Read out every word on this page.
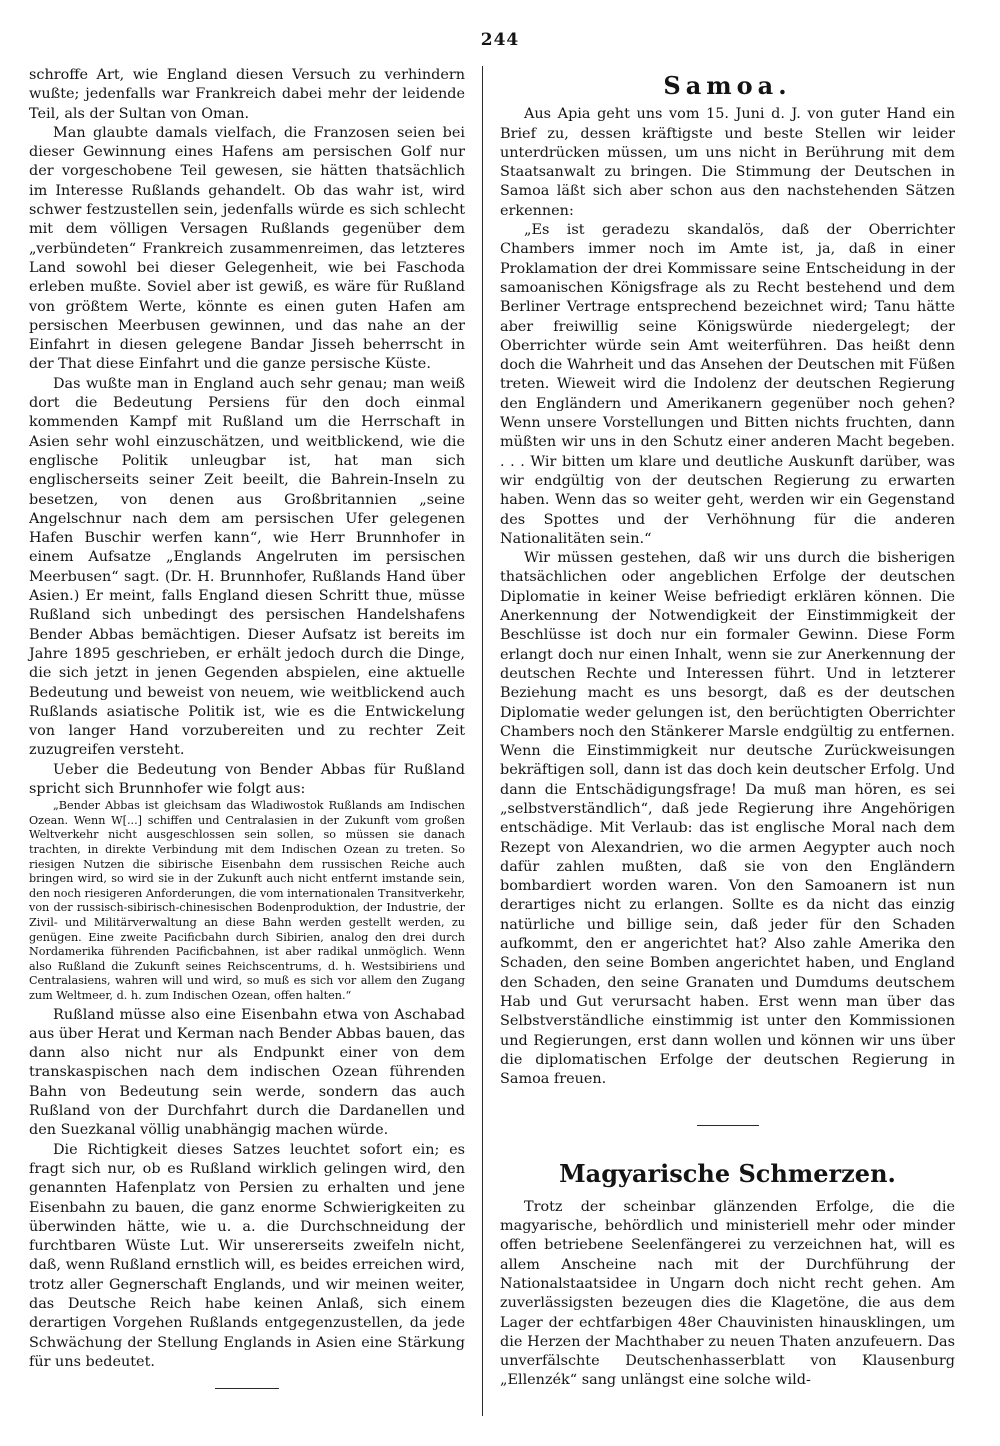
244

schroffe Art, wie England diesen Versuch zu verhindern wußte; jedenfalls war Frankreich dabei mehr der leidende Teil, als der Sultan von Oman.

Man glaubte damals vielfach, die Franzosen seien bei dieser Gewinnung eines Hafens am persischen Golf nur der vorgeschobene Teil gewesen, sie hätten thatsächlich im Interesse Rußlands gehandelt. Ob das wahr ist, wird schwer festzustellen sein, jedenfalls würde es sich schlecht mit dem völligen Versagen Rußlands gegenüber dem „verbündeten“ Frankreich zusammenreimen, das letzteres Land sowohl bei dieser Gelegenheit, wie bei Faschoda erleben mußte. Soviel aber ist gewiß, es wäre für Rußland von größtem Werte, könnte es einen guten Hafen am persischen Meerbusen gewinnen, und das nahe an der Einfahrt in diesen gelegene Bandar Jisseh beherrscht in der That diese Einfahrt und die ganze persische Küste.

Das wußte man in England auch sehr genau; man weiß dort die Bedeutung Persiens für den doch einmal kommenden Kampf mit Rußland um die Herrschaft in Asien sehr wohl einzuschätzen, und weitblickend, wie die englische Politik unleugbar ist, hat man sich englischerseits seiner Zeit beeilt, die Bahrein-Inseln zu besetzen, von denen aus Großbritannien „seine Angelschnur nach dem am persischen Ufer gelegenen Hafen Buschir werfen kann“, wie Herr Brunnhofer in einem Aufsatze „Englands Angelruten im persischen Meerbusen“ sagt. (Dr. H. Brunnhofer, Rußlands Hand über Asien.) Er meint, falls England diesen Schritt thue, müsse Rußland sich unbedingt des persischen Handelshafens Bender Abbas bemächtigen. Dieser Aufsatz ist bereits im Jahre 1895 geschrieben, er erhält jedoch durch die Dinge, die sich jetzt in jenen Gegenden abspielen, eine aktuelle Bedeutung und beweist von neuem, wie weitblickend auch Rußlands asiatische Politik ist, wie es die Entwickelung von langer Hand vorzubereiten und zu rechter Zeit zuzugreifen versteht.

Ueber die Bedeutung von Bender Abbas für Rußland spricht sich Brunnhofer wie folgt aus:

„Bender Abbas ist gleichsam das Wladiwostok Rußlands am Indischen Ozean. Wenn W[...] schiffen und Centralasien in der Zukunft vom großen Weltverkehr nicht ausgeschlossen sein sollen, so müssen sie danach trachten, in direkte Verbindung mit dem Indischen Ozean zu treten. So riesigen Nutzen die sibirische Eisenbahn dem russischen Reiche auch bringen wird, so wird sie in der Zukunft auch nicht entfernt imstande sein, den noch riesigeren Anforderungen, die vom internationalen Transitverkehr, von der russisch-sibirisch-chinesischen Bodenproduktion, der Industrie, der Zivil- und Militärverwaltung an diese Bahn werden gestellt werden, zu genügen. Eine zweite Pacificbahn durch Sibirien, analog den drei durch Nordamerika führenden Pacificbahnen, ist aber radikal unmöglich. Wenn also Rußland die Zukunft seines Reichscentrums, d. h. Westsibiriens und Centralasiens, wahren will und wird, so muß es sich vor allem den Zugang zum Weltmeer, d. h. zum Indischen Ozean, offen halten.“

Rußland müsse also eine Eisenbahn etwa von Aschabad aus über Herat und Kerman nach Bender Abbas bauen, das dann also nicht nur als Endpunkt einer von dem transkaspischen nach dem indischen Ozean führenden Bahn von Bedeutung sein werde, sondern das auch Rußland von der Durchfahrt durch die Dardanellen und den Suezkanal völlig unabhängig machen würde.

Die Richtigkeit dieses Satzes leuchtet sofort ein; es fragt sich nur, ob es Rußland wirklich gelingen wird, den genannten Hafenplatz von Persien zu erhalten und jene Eisenbahn zu bauen, die ganz enorme Schwierigkeiten zu überwinden hätte, wie u. a. die Durchschneidung der furchtbaren Wüste Lut. Wir unsererseits zweifeln nicht, daß, wenn Rußland ernstlich will, es beides erreichen wird, trotz aller Gegnerschaft Englands, und wir meinen weiter, das Deutsche Reich habe keinen Anlaß, sich einem derartigen Vorgehen Rußlands entgegenzustellen, da jede Schwächung der Stellung Englands in Asien eine Stärkung für uns bedeutet.

Samoa.

Aus Apia geht uns vom 15. Juni d. J. von guter Hand ein Brief zu, dessen kräftigste und beste Stellen wir leider unterdrücken müssen, um uns nicht in Berührung mit dem Staatsanwalt zu bringen. Die Stimmung der Deutschen in Samoa läßt sich aber schon aus den nachstehenden Sätzen erkennen:

„Es ist geradezu skandalös, daß der Oberrichter Chambers immer noch im Amte ist, ja, daß in einer Proklamation der drei Kommissare seine Entscheidung in der samoanischen Königsfrage als zu Recht bestehend und dem Berliner Vertrage entsprechend bezeichnet wird; Tanu hätte aber freiwillig seine Königswürde niedergelegt; der Oberrichter würde sein Amt weiterführen. Das heißt denn doch die Wahrheit und das Ansehen der Deutschen mit Füßen treten. Wieweit wird die Indolenz der deutschen Regierung den Engländern und Amerikanern gegenüber noch gehen? Wenn unsere Vorstellungen und Bitten nichts fruchten, dann müßten wir uns in den Schutz einer anderen Macht begeben. . . . Wir bitten um klare und deutliche Auskunft darüber, was wir endgültig von der deutschen Regierung zu erwarten haben. Wenn das so weiter geht, werden wir ein Gegenstand des Spottes und der Verhöhnung für die anderen Nationalitäten sein.“

Wir müssen gestehen, daß wir uns durch die bisherigen thatsächlichen oder angeblichen Erfolge der deutschen Diplomatie in keiner Weise befriedigt erklären können. Die Anerkennung der Notwendigkeit der Einstimmigkeit der Beschlüsse ist doch nur ein formaler Gewinn. Diese Form erlangt doch nur einen Inhalt, wenn sie zur Anerkennung der deutschen Rechte und Interessen führt. Und in letzterer Beziehung macht es uns besorgt, daß es der deutschen Diplomatie weder gelungen ist, den berüchtigten Oberrichter Chambers noch den Stänkerer Marsle endgültig zu entfernen. Wenn die Einstimmigkeit nur deutsche Zurückweisungen bekräftigen soll, dann ist das doch kein deutscher Erfolg. Und dann die Entschädigungsfrage! Da muß man hören, es sei „selbstverständlich“, daß jede Regierung ihre Angehörigen entschädige. Mit Verlaub: das ist englische Moral nach dem Rezept von Alexandrien, wo die armen Aegypter auch noch dafür zahlen mußten, daß sie von den Engländern bombardiert worden waren. Von den Samoanern ist nun derartiges nicht zu erlangen. Sollte es da nicht das einzig natürliche und billige sein, daß jeder für den Schaden aufkommt, den er angerichtet hat? Also zahle Amerika den Schaden, den seine Bomben angerichtet haben, und England den Schaden, den seine Granaten und Dumdums deutschem Hab und Gut verursacht haben. Erst wenn man über das Selbstverständliche einstimmig ist unter den Kommissionen und Regierungen, erst dann wollen und können wir uns über die diplomatischen Erfolge der deutschen Regierung in Samoa freuen.

Magyarische Schmerzen.

Trotz der scheinbar glänzenden Erfolge, die die magyarische, behördlich und ministeriell mehr oder minder offen betriebene Seelenfängerei zu verzeichnen hat, will es allem Anscheine nach mit der Durchführung der Nationalstaatsidee in Ungarn doch nicht recht gehen. Am zuverlässigsten bezeugen dies die Klagetöne, die aus dem Lager der echtfarbigen 48er Chauvinisten hinausklingen, um die Herzen der Machthaber zu neuen Thaten anzufeuern. Das unverfälschte Deutschenhasserblatt von Klausenburg „Ellenzék“ sang unlängst eine solche wild-
